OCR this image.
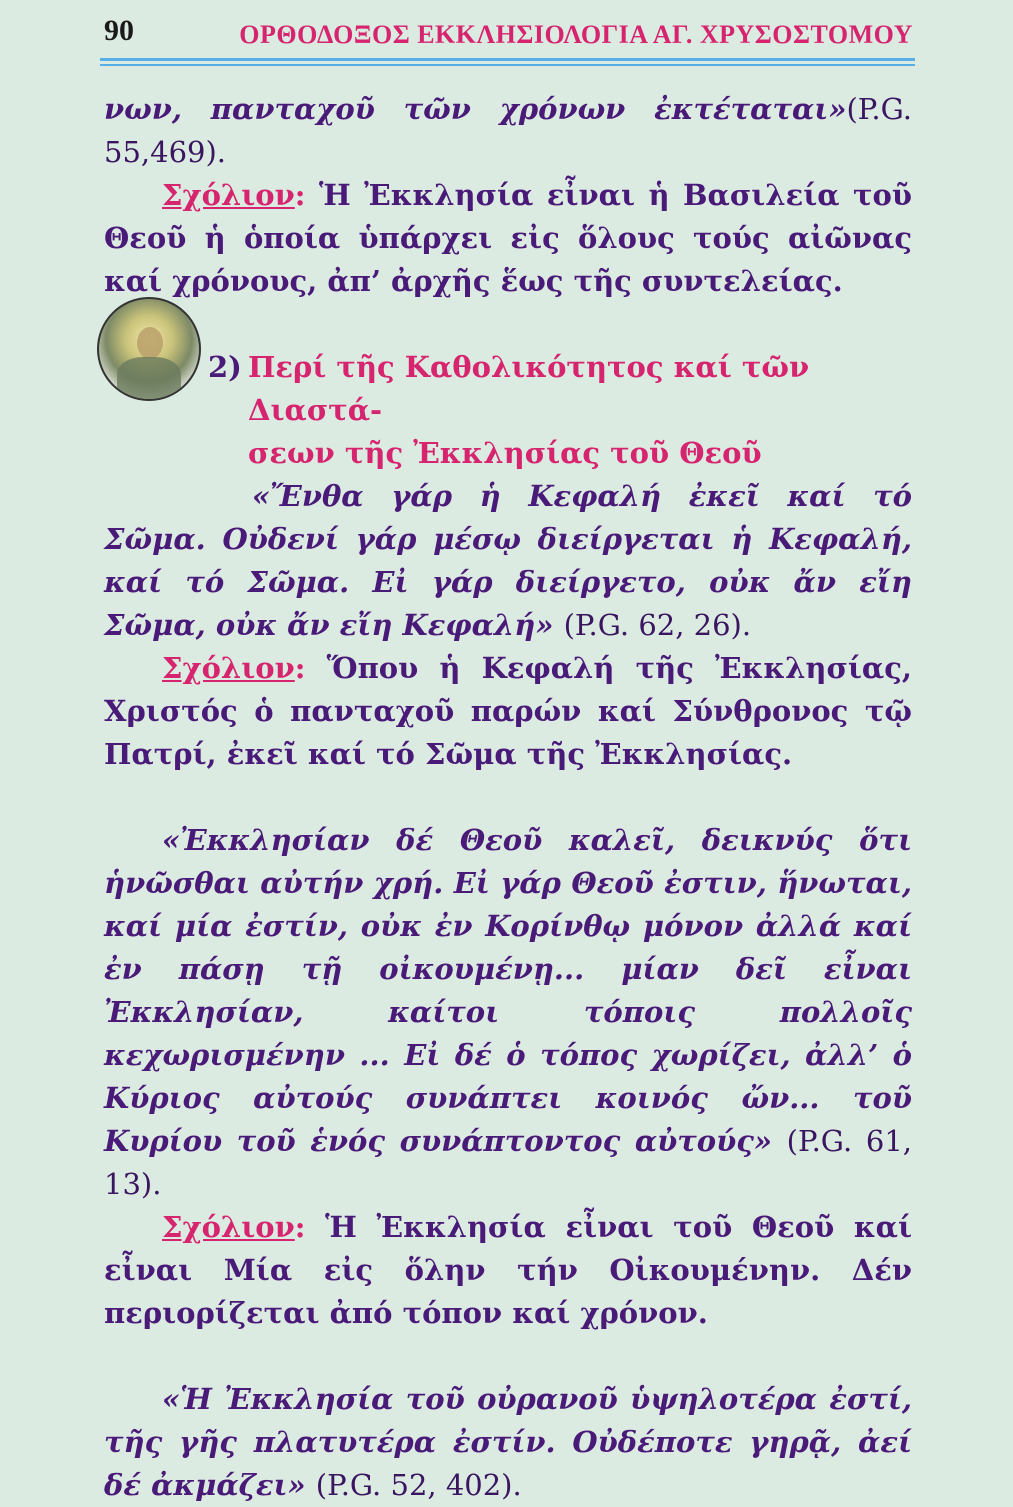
90	ΟΡΘΟΔΟΞΟΣ ΕΚΚΛΗΣΙΟΛΟΓΙΑ ΑΓ. ΧΡΥΣΟΣΤΟΜΟΥ

νων, πανταχοῦ τῶν χρόνων ἐκτέταται»(P.G. 55,469).

Σχόλιον: Ἡ Ἐκκλησία εἶναι ἡ Βασιλεία τοῦ Θεοῦ ἡ ὁποία ὑπάρχει εἰς ὅλους τούς αἰῶνας καί χρόνους, ἀπ’ ἀρχῆς ἕως τῆς συντελείας.

2) Περί τῆς Καθολικότητος καί τῶν Διαστά-
σεων τῆς Ἐκκλησίας τοῦ Θεοῦ

«Ἔνθα γάρ ἡ Κεφαλή ἐκεῖ καί τό Σῶμα. Οὐδενί γάρ μέσῳ διείργεται ἡ Κεφαλή, καί τό Σῶμα. Εἰ γάρ διείργετο, οὐκ ἄν εἴη Σῶμα, οὐκ ἄν εἴη Κεφαλή» (P.G. 62, 26).

Σχόλιον: Ὅπου ἡ Κεφαλή τῆς Ἐκκλησίας, Χριστός ὁ πανταχοῦ παρών καί Σύνθρονος τῷ Πατρί, ἐκεῖ καί τό Σῶμα τῆς Ἐκκλησίας.

«Ἐκκλησίαν δέ Θεοῦ καλεῖ, δεικνύς ὅτι ἡνῶσθαι αὐτήν χρή. Εἰ γάρ Θεοῦ ἐστιν, ἥνωται, καί μία ἐστίν, οὐκ ἐν Κορίνθῳ μόνον ἀλλά καί ἐν πάσῃ τῇ οἰκουμένῃ... μίαν δεῖ εἶναι Ἐκκλησίαν, καίτοι τόποις πολλοῖς κεχωρισμένην ... Εἰ δέ ὁ τόπος χωρίζει, ἀλλ’ ὁ Κύριος αὐτούς συνάπτει κοινός ὤν... τοῦ Κυρίου τοῦ ἑνός συνάπτοντος αὐτούς» (P.G. 61, 13).

Σχόλιον: Ἡ Ἐκκλησία εἶναι τοῦ Θεοῦ καί εἶναι Μία εἰς ὅλην τήν Οἰκουμένην. Δέν περιορίζεται ἀπό τόπον καί χρόνον.

«Ἡ Ἐκκλησία τοῦ οὐρανοῦ ὑψηλοτέρα ἐστί, τῆς γῆς πλατυτέρα ἐστίν. Οὐδέποτε γηρᾷ, ἀεί δέ ἀκμάζει» (P.G. 52, 402).
